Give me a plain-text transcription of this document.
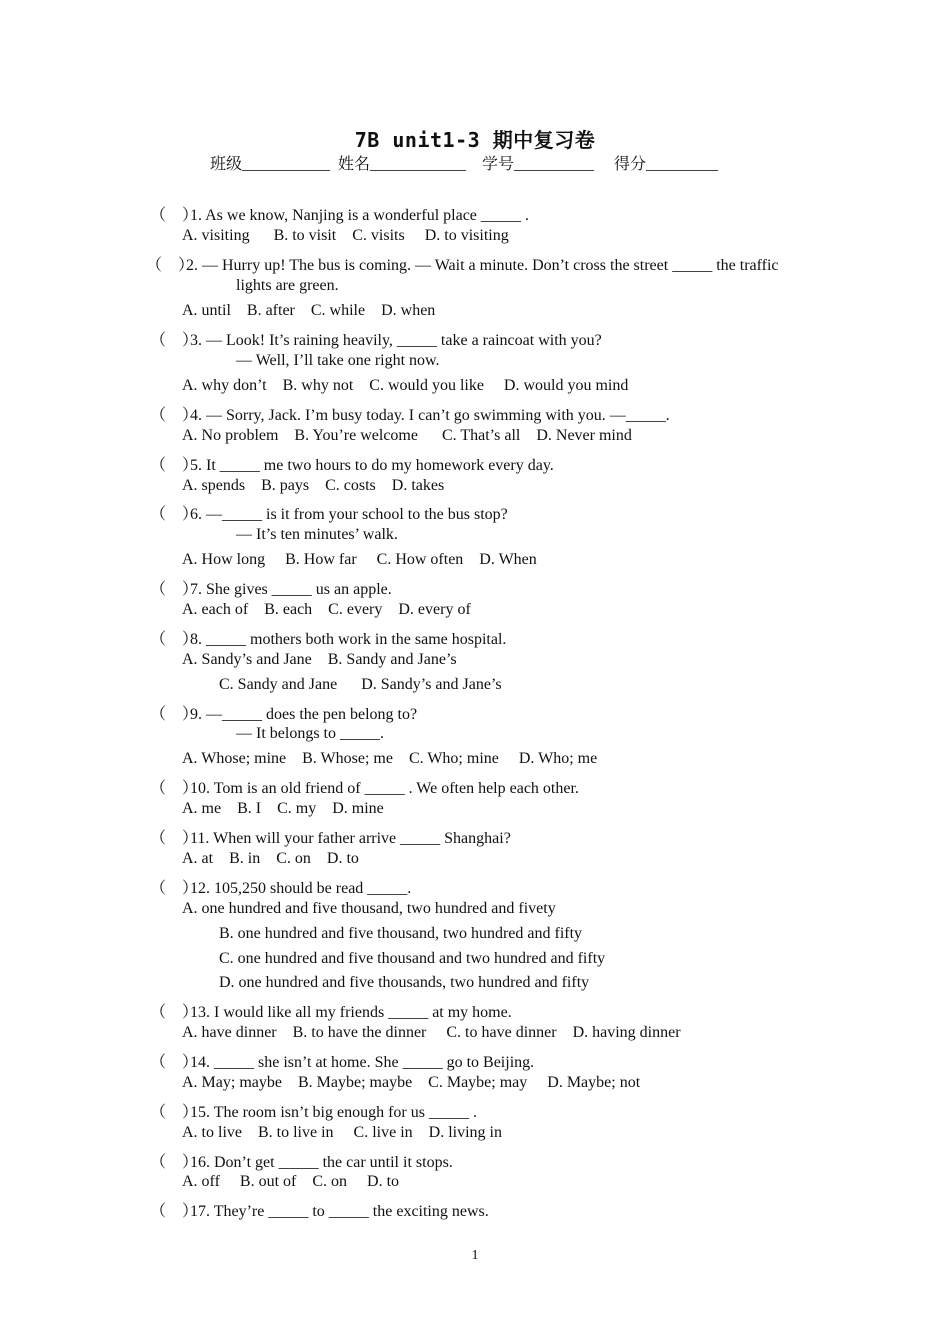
7B unit1-3 期中复习卷
班级___________  姓名____________    学号__________     得分_________
（    ）1. As we know, Nanjing is a wonderful place _____ .
A. visiting      B. to visit    C. visits     D. to visiting
（    ）2. — Hurry up! The bus is coming. — Wait a minute. Don’t cross the street _____ the traffic
lights are green.
A. until    B. after    C. while    D. when
（    ）3. — Look! It’s raining heavily, _____ take a raincoat with you?
— Well, I’ll take one right now.
A. why don’t    B. why not    C. would you like     D. would you mind
（    ）4. — Sorry, Jack. I’m busy today. I can’t go swimming with you. —_____.
A. No problem    B. You’re welcome      C. That’s all    D. Never mind
（    ）5. It _____ me two hours to do my homework every day.
A. spends    B. pays    C. costs    D. takes
（    ）6. —_____ is it from your school to the bus stop?
— It’s ten minutes’ walk.
A. How long     B. How far     C. How often    D. When
（    ）7. She gives _____ us an apple.
A. each of    B. each    C. every    D. every of
（    ）8. _____ mothers both work in the same hospital.
A. Sandy’s and Jane    B. Sandy and Jane’s
C. Sandy and Jane      D. Sandy’s and Jane’s
（    ）9. —_____ does the pen belong to?
— It belongs to _____.
A. Whose; mine    B. Whose; me    C. Who; mine     D. Who; me
（    ）10. Tom is an old friend of _____ . We often help each other.
A. me    B. I    C. my    D. mine
（    ）11. When will your father arrive _____ Shanghai?
A. at    B. in    C. on    D. to
（    ）12. 105,250 should be read _____.
A. one hundred and five thousand, two hundred and fivety
B. one hundred and five thousand, two hundred and fifty
C. one hundred and five thousand and two hundred and fifty
D. one hundred and five thousands, two hundred and fifty
（    ）13. I would like all my friends _____ at my home.
A. have dinner    B. to have the dinner     C. to have dinner    D. having dinner
（    ）14. _____ she isn’t at home. She _____ go to Beijing.
A. May; maybe    B. Maybe; maybe    C. Maybe; may     D. Maybe; not
（    ）15. The room isn’t big enough for us _____ .
A. to live    B. to live in     C. live in    D. living in
（    ）16. Don’t get _____ the car until it stops.
A. off     B. out of    C. on     D. to
（    ）17. They’re _____ to _____ the exciting news.
1
